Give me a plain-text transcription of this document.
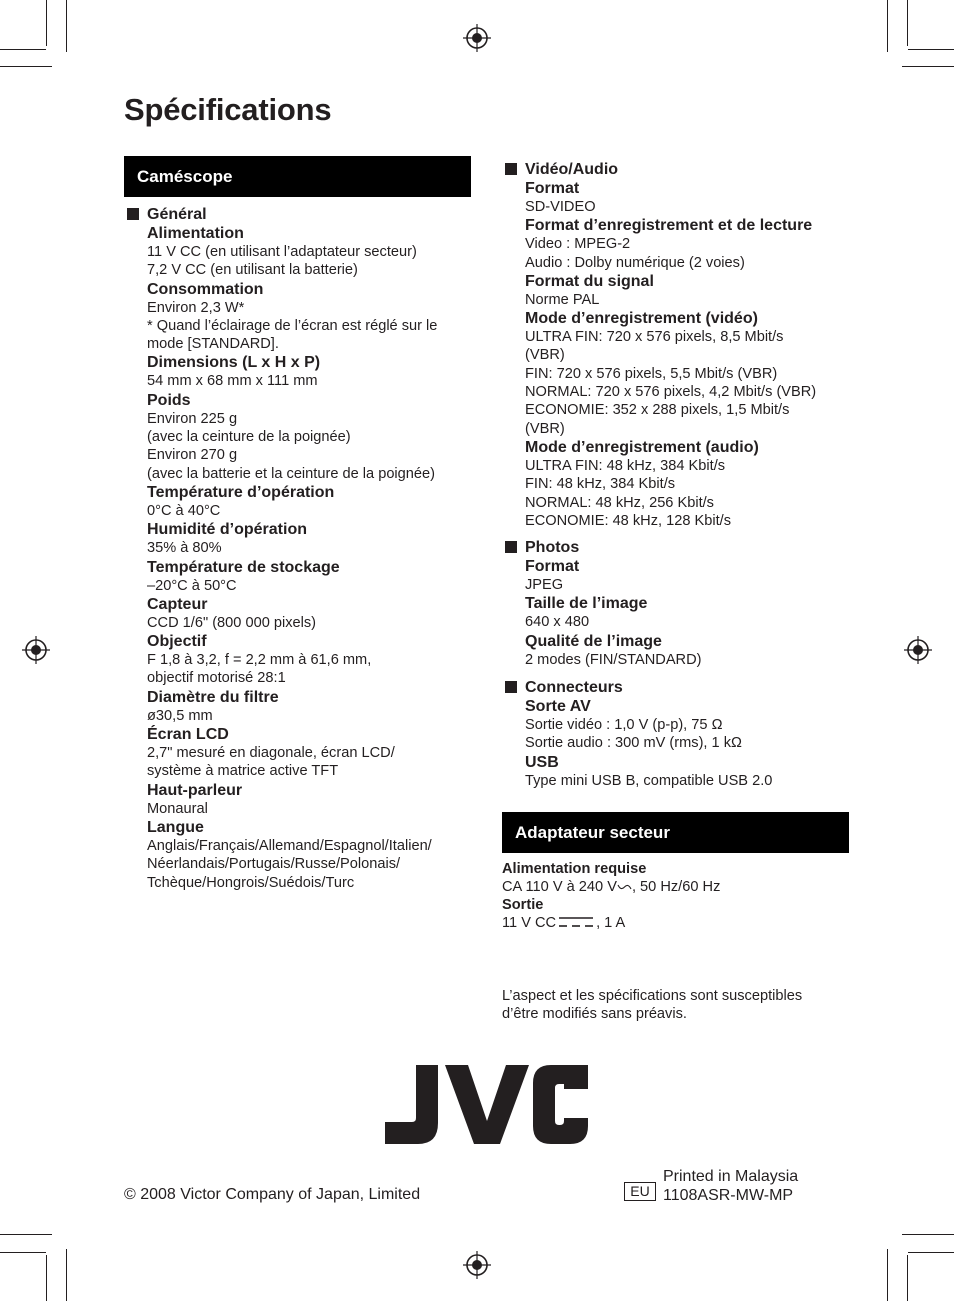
Spécifications
Caméscope
Général
Alimentation
11 V CC (en utilisant l’adaptateur secteur)
7,2 V CC (en utilisant la batterie)
Consommation
Environ 2,3 W*
* Quand l’éclairage de l’écran est réglé sur le
mode [STANDARD].
Dimensions (L x H x P)
54 mm x 68 mm x 111 mm
Poids
Environ 225 g
(avec la ceinture de la poignée)
Environ 270 g
(avec la batterie et la ceinture de la poignée)
Température d’opération
0°C à 40°C
Humidité d’opération
35% à 80%
Température de stockage
–20°C à 50°C
Capteur
CCD 1/6" (800 000 pixels)
Objectif
F 1,8 à 3,2, f = 2,2 mm à 61,6 mm,
objectif motorisé 28:1
Diamètre du filtre
ø30,5 mm
Écran LCD
2,7" mesuré en diagonale, écran LCD/
système à matrice active TFT
Haut-parleur
Monaural
Langue
Anglais/Français/Allemand/Espagnol/Italien/
Néerlandais/Portugais/Russe/Polonais/
Tchèque/Hongrois/Suédois/Turc
Vidéo/Audio
Format
SD-VIDEO
Format d’enregistrement et de lecture
Video : MPEG-2
Audio : Dolby numérique (2 voies)
Format du signal
Norme PAL
Mode d’enregistrement (vidéo)
ULTRA FIN: 720 x 576 pixels, 8,5 Mbit/s
(VBR)
FIN: 720 x 576 pixels, 5,5 Mbit/s (VBR)
NORMAL: 720 x 576 pixels, 4,2 Mbit/s (VBR)
ECONOMIE: 352 x 288 pixels, 1,5 Mbit/s
(VBR)
Mode d’enregistrement (audio)
ULTRA FIN: 48 kHz, 384 Kbit/s
FIN: 48 kHz, 384 Kbit/s
NORMAL: 48 kHz, 256 Kbit/s
ECONOMIE: 48 kHz, 128 Kbit/s
Photos
Format
JPEG
Taille de l’image
640 x 480
Qualité de l’image
2 modes (FIN/STANDARD)
Connecteurs
Sorte AV
Sortie vidéo : 1,0 V (p-p), 75 Ω
Sortie audio : 300 mV (rms), 1 kΩ
USB
Type mini USB B, compatible USB 2.0
Adaptateur secteur
Alimentation requise
CA 110 V à 240 V , 50 Hz/60 Hz
Sortie
11 V CC	, 1 A
L’aspect et les spécifications sont susceptibles
d’être modifiés sans préavis.
© 2008 Victor Company of Japan, Limited	EU
Printed in Malaysia
1108ASR-MW-MP
